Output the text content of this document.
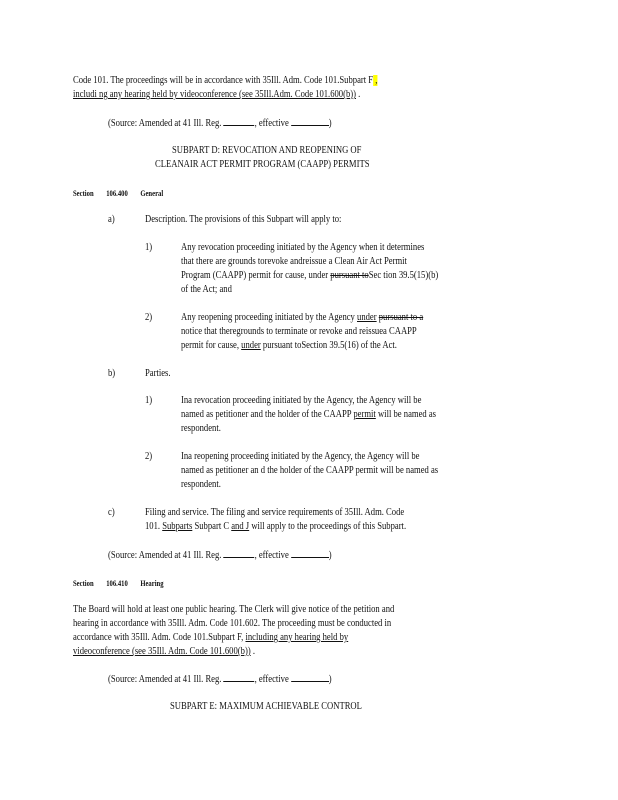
Code 101. The proceedings will be in accordance with 35Ill. Adm. Code 101.Subpart F ,
includi ng any hearing held by videoconference (see 35Ill.Adm. Code 101.600(b)) .
(Source: Amended at 41 Ill. Reg.	, effective	)
SUBPART D: REVOCATION AND REOPENING OF
CLEANAIR ACT PERMIT PROGRAM (CAAPP) PERMITS
Section 106.400 General
a)	Description. The provisions of this Subpart will apply to:
1)	Any revocation proceeding initiated by the Agency when it determines
that there are grounds torevoke andreissue a Clean Air Act Permit
Program (CAAPP) permit for cause, under pursuant toSec tion 39.5(15)(b)
of the Act; and
2)	Any reopening proceeding initiated by the Agency under pursuant to a
notice that theregrounds to terminate or revoke and reissuea CAAPP
permit for cause, under pursuant toSection 39.5(16) of the Act.
b)	Parties.
1)	Ina revocation proceeding initiated by the Agency, the Agency will be
named as petitioner and the holder of the CAAPP permit will be named as
respondent.
2)	Ina reopening proceeding initiated by the Agency, the Agency will be
named as petitioner an d the holder of the CAAPP permit will be named as
respondent.
c)	Filing and service. The filing and service requirements of 35Ill. Adm. Code
101. Subparts Subpart C and J will apply to the proceedings of this Subpart.
(Source: Amended at 41 Ill. Reg.	, effective	)
Section 106.410 Hearing
The Board will hold at least one public hearing. The Clerk will give notice of the petition and
hearing in accordance with 35Ill. Adm. Code 101.602. The proceeding must be conducted in
accordance with 35Ill. Adm. Code 101.Subpart F, including any hearing held by
videoconference (see 35Ill. Adm. Code 101.600(b)) .
(Source: Amended at 41 Ill. Reg.	, effective	)
SUBPART E: MAXIMUM ACHIEVABLE CONTROL
